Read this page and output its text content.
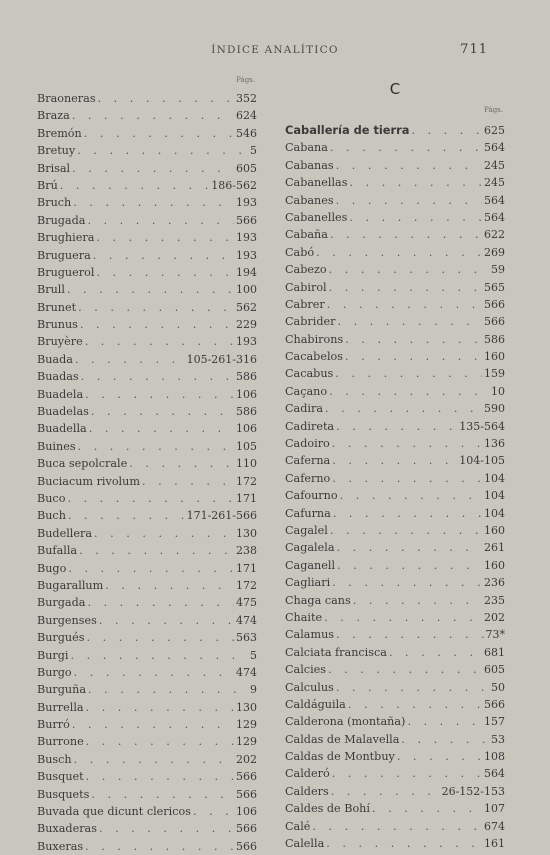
ÍNDICE ANALÍTICO	711
Págs.
Braoneras . . .	352
Braza . . .	624
Bremón . . .	546
Bretuy . . .	5
Brisal . . .	605
Brú . . .	186-562
Bruch . . .	193
Brugada . . .	566
Brughiera . . .	193
Bruguera . . .	193
Bruguerol . . .	194
Brull . . .	100
Brunet . . .	562
Brunus . . .	229
Bruyère . . .	193
Buada . . .	105-261-316
Buadas . . .	586
Buadela . . .	106
Buadelas . . .	586
Buadella . . .	106
Buines . . .	105
Buca sepolcrale . . .	110
Buciacum rivolum . . .	172
Buco . . .	171
Buch . . .	171-261-566
Budellera . . .	130
Bufalla . . .	238
Bugo . . .	171
Bugarallum . . .	172
Burgada . . .	475
Burgenses . . .	474
Burgués . . .	563
Burgi . . .	5
Burgo . . .	474
Burguña . . .	9
Burrella . . .	130
Burró . . .	129
Burrone . . .	129
Busch . . .	202
Busquet . . .	566
Busquets . . .	566
Buvada que dicunt clericos . . .	106
Buxaderas . . .	566
Buxeras . . .	566
C
Págs.
Caballería de tierra . . .	625
Cabana . . .	564
Cabanas . . .	245
Cabanellas . . .	245
Cabanes . . .	564
Cabanelles . . .	564
Cabaña . . .	622
Cabó . . .	269
Cabezo . . .	59
Cabirol . . .	565
Cabrer . . .	566
Cabrider . . .	566
Chabirons . . .	586
Cacabelos . . .	160
Cacabus . . .	159
Caçano . . .	10
Cadira . . .	590
Cadireta . . .	135-564
Cadoiro . . .	136
Caferna . . .	104-105
Caferno . . .	104
Cafourno . . .	104
Cafurna . . .	104
Cagalel . . .	160
Cagalela . . .	261
Caganell . . .	160
Cagliari . . .	236
Chaga cans . . .	235
Chaite . . .	202
Calamus . . .	73*
Calciata francisca . . .	681
Calcies . . .	605
Calculus . . .	50
Caldáguila . . .	566
Calderona (montaña) . . .	157
Caldas de Malavella . . .	53
Caldas de Montbuy . . .	108
Calderó . . .	564
Calders . . .	26-152-153
Caldes de Bohí . . .	107
Calé . . .	674
Calella . . .	161
